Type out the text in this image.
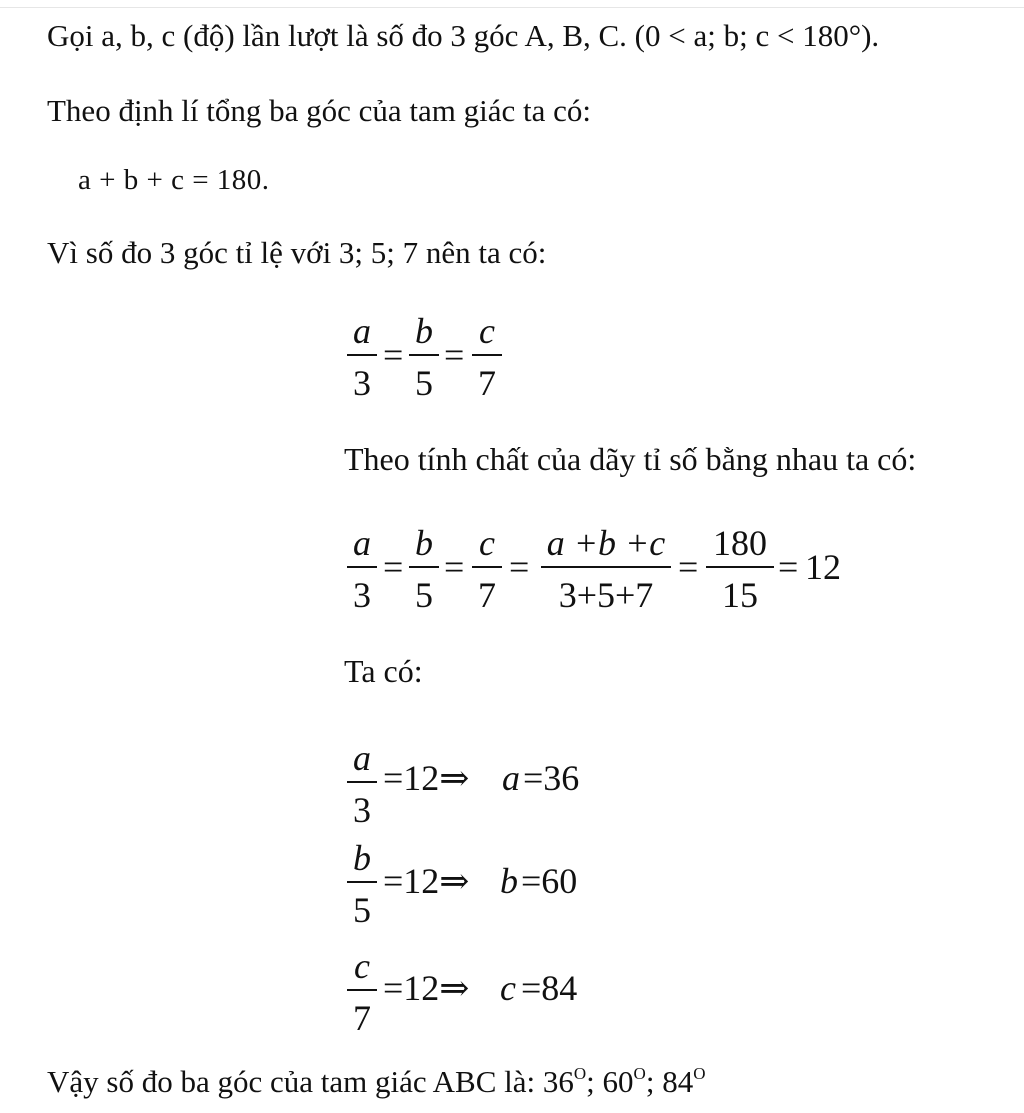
Gọi a, b, c (độ) lần lượt là số đo 3 góc A, B, C. (0 < a; b; c < 180°).
Theo định lí tổng ba góc của tam giác ta có:
a + b + c = 180.
Vì số đo 3 góc tỉ lệ với 3; 5; 7 nên ta có:
a
3
=
b
5
=
c
7
Theo tính chất của dãy tỉ số bằng nhau ta có:
a
3
=
b
5
=
c
7
=
a +b +c
3+5+7
=
180
15
= 12
Ta có:
a
3
=12⇒ a =36
b
5
=12⇒ b =60
c
7
=12⇒ c =84
Vậy số đo ba góc của tam giác ABC là: $36^O$; $60^O$; $84^O$
